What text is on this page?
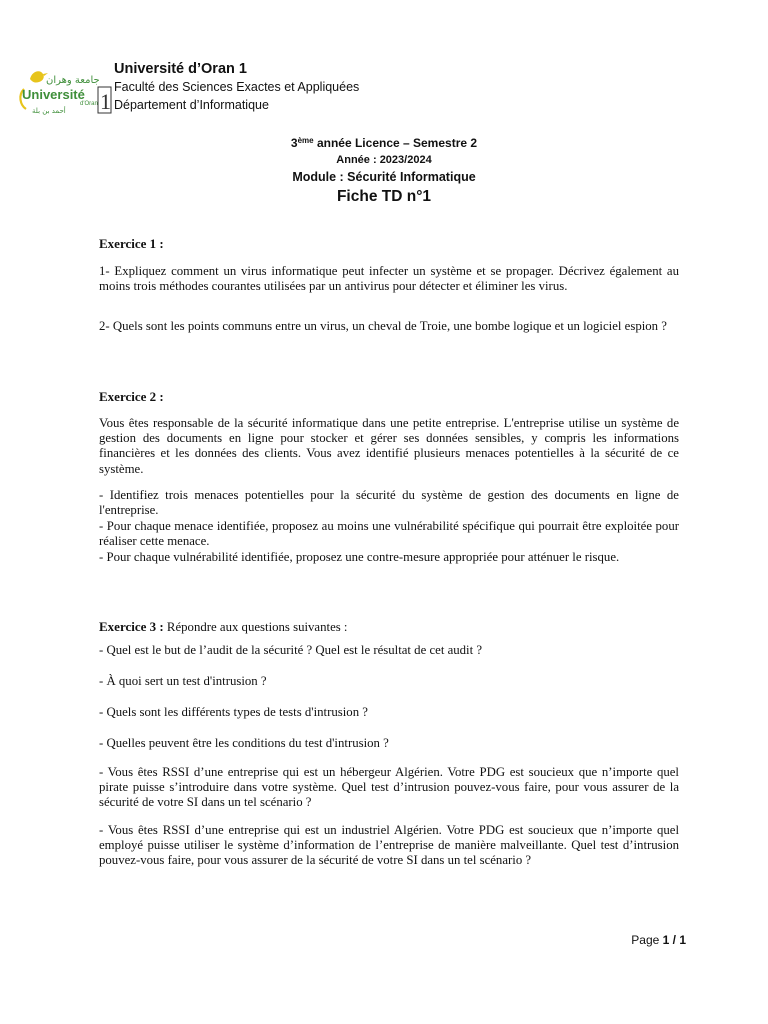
جامعة وهران
Université
d'Oran
أحمد بن بلة 1
Université d’Oran 1
Faculté des Sciences Exactes et Appliquées
Département d’Informatique
3ème année Licence – Semestre 2
Année : 2023/2024
Module : Sécurité Informatique
Fiche TD n°1
Exercice 1 :

1- Expliquez comment un virus informatique peut infecter un système et se propager. Décrivez également au moins trois méthodes courantes utilisées par un antivirus pour détecter et éliminer les virus.

2- Quels sont les points communs entre un virus, un cheval de Troie, une bombe logique et un logiciel espion ?

Exercice 2 :

Vous êtes responsable de la sécurité informatique dans une petite entreprise. L'entreprise utilise un système de gestion des documents en ligne pour stocker et gérer ses données sensibles, y compris les informations financières et les données des clients. Vous avez identifié plusieurs menaces potentielles à la sécurité de ce système.

- Identifiez trois menaces potentielles pour la sécurité du système de gestion des documents en ligne de l'entreprise.

- Pour chaque menace identifiée, proposez au moins une vulnérabilité spécifique qui pourrait être exploitée pour réaliser cette menace.

- Pour chaque vulnérabilité identifiée, proposez une contre-mesure appropriée pour atténuer le risque.

Exercice 3 : Répondre aux questions suivantes :

- Quel est le but de l’audit de la sécurité ? Quel est le résultat de cet audit ?

- À quoi sert un test d'intrusion ?

- Quels sont les différents types de tests d'intrusion ?

- Quelles peuvent être les conditions du test d'intrusion ?

- Vous êtes RSSI d’une entreprise qui est un hébergeur Algérien. Votre PDG est soucieux que n’importe quel pirate puisse s’introduire dans votre système. Quel test d’intrusion pouvez-vous faire, pour vous assurer de la sécurité de votre SI dans un tel scénario ?

- Vous êtes RSSI d’une entreprise qui est un industriel Algérien. Votre PDG est soucieux que n’importe quel employé puisse utiliser le système d’information de l’entreprise de manière malveillante. Quel test d’intrusion pouvez-vous faire, pour vous assurer de la sécurité de votre SI dans un tel scénario ?

Page 1 / 1
